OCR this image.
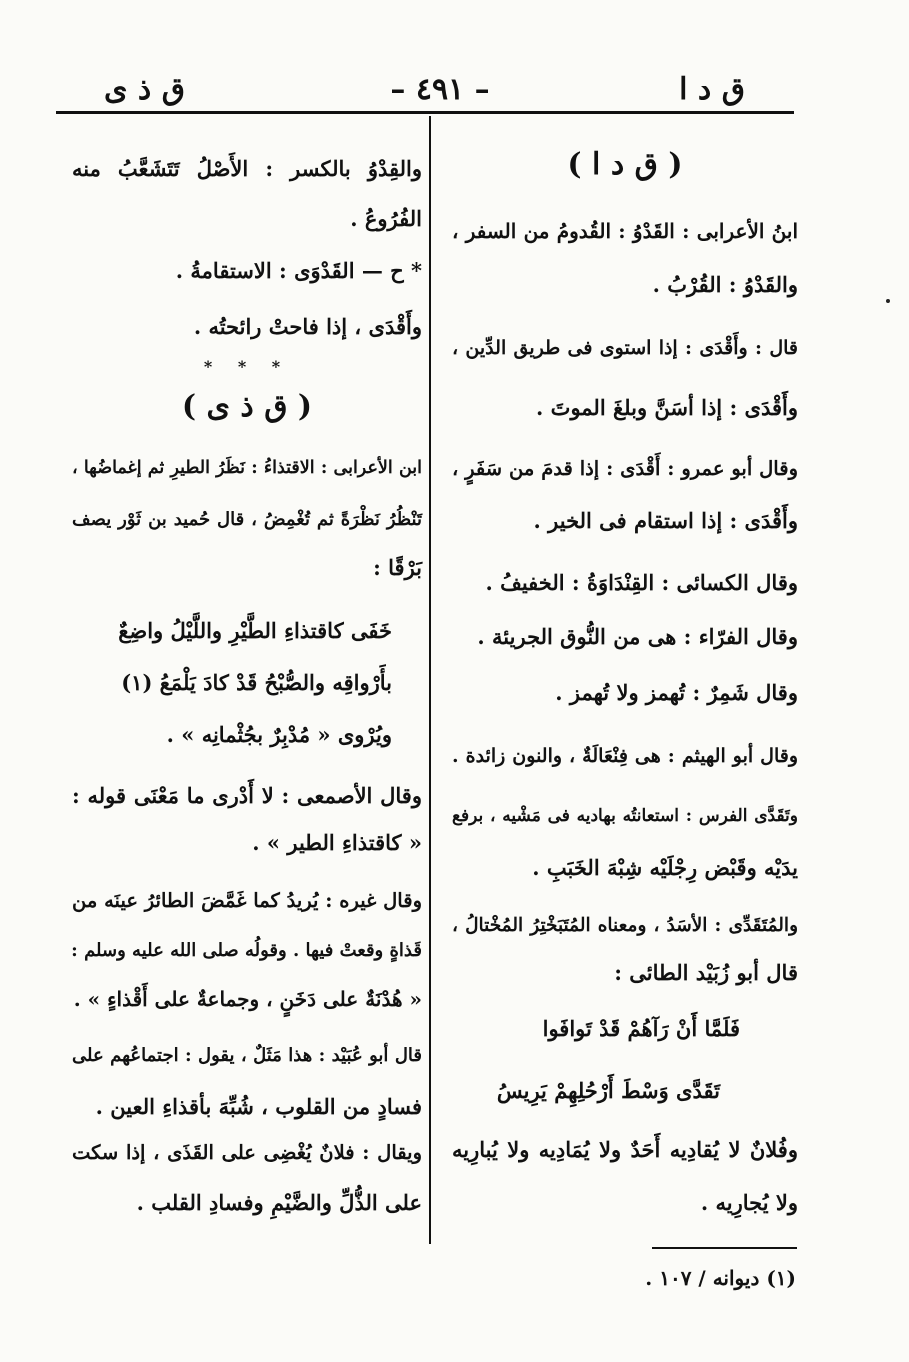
ق ذ ى	– ٤٩١ –	ق د ا
( ق د ا )
ابنُ الأعرابى : القَدْوُ : القُدومُ من السفر ،
والقَدْوُ : القُرْبُ .
قال : وأَقْدَى : إذا استوى فى طريق الدِّين ،
وأَقْدَى : إذا أسَنَّ وبلغَ الموتَ .
وقال أبو عمرو : أَقْدَى : إذا قدمَ من سَفَرٍ ،
وأَقْدَى : إذا استقام فى الخير .
وقال الكسائى : القِنْدَاوَةُ : الخفيفُ .
وقال الفرّاء : هى من النُّوق الجريئة .
وقال شَمِرٌ : تُهمز ولا تُهمز .
وقال أبو الهيثم : هى فِنْعَالَةٌ ، والنون زائدة .
وتَقَدَّى الفرس : استعانتُه بهاديه فى مَشْيه ، برفع
يدَيْه وقَبْض رِجْلَيْه شِبْهَ الخَبَبِ .
والمُتَقَدِّى : الأسَدُ ، ومعناه المُتَبَخْتِرُ المُخْتالُ ،
قال أبو زُبَيْد الطائى :
فَلَمَّا أَنْ رَآهُمْ قَدْ تَوافَوا
تَقَدَّى وَسْطَ أَرْحُلِهِمْ يَرِيسُ
وفُلانٌ لا يُقادِيه أَحَدٌ ولا يُمَادِيه ولا يُبارِيه
ولا يُجارِيه .
والقِدْوُ بالكسر : الأَصْلُ تَتَشَعَّبُ منه
الفُرُوعُ .
* ح — القَدْوَى : الاستقامةُ .
وأَقْدَى ، إذا فاحتْ رائحتُه .
* * *
( ق ذ ى )
ابن الأعرابى : الاقتذاءُ : نَظَرُ الطيرِ ثم إغماضُها ،
تَنْظُرُ نَظْرَةً ثم تُغْمِضُ ، قال حُميد بن ثَوْر يصف
بَرْقًا :
خَفَى كاقتذاءِ الطَّيْرِ واللَّيْلُ واضِعٌ
بأَرْواقِه والصُّبْحُ قَدْ كادَ يَلْمَعُ (١)
ويُرْوى « مُدْبِرٌ بجُثْمانِه » .
وقال الأصمعى : لا أَدْرى ما مَعْنَى قوله :
« كاقتذاءِ الطير » .
وقال غيره : يُريدُ كما غَمَّضَ الطائرُ عينَه من
قَذاةٍ وقعتْ فيها . وقولُه صلى الله عليه وسلم :
« هُدْنَةٌ على دَخَنٍ ، وجماعةٌ على أَقْذاءٍ » .
قال أبو عُبَيْد : هذا مَثَلٌ ، يقول : اجتماعُهم على
فسادٍ من القلوب ، شُبِّهَ بأقذاءِ العين .
ويقال : فلانٌ يُغْضِى على القَذَى ، إذا سكت
على الذُّلِّ والضَّيْمِ وفسادِ القلب .
(١) ديوانه / ١٠٧ .
